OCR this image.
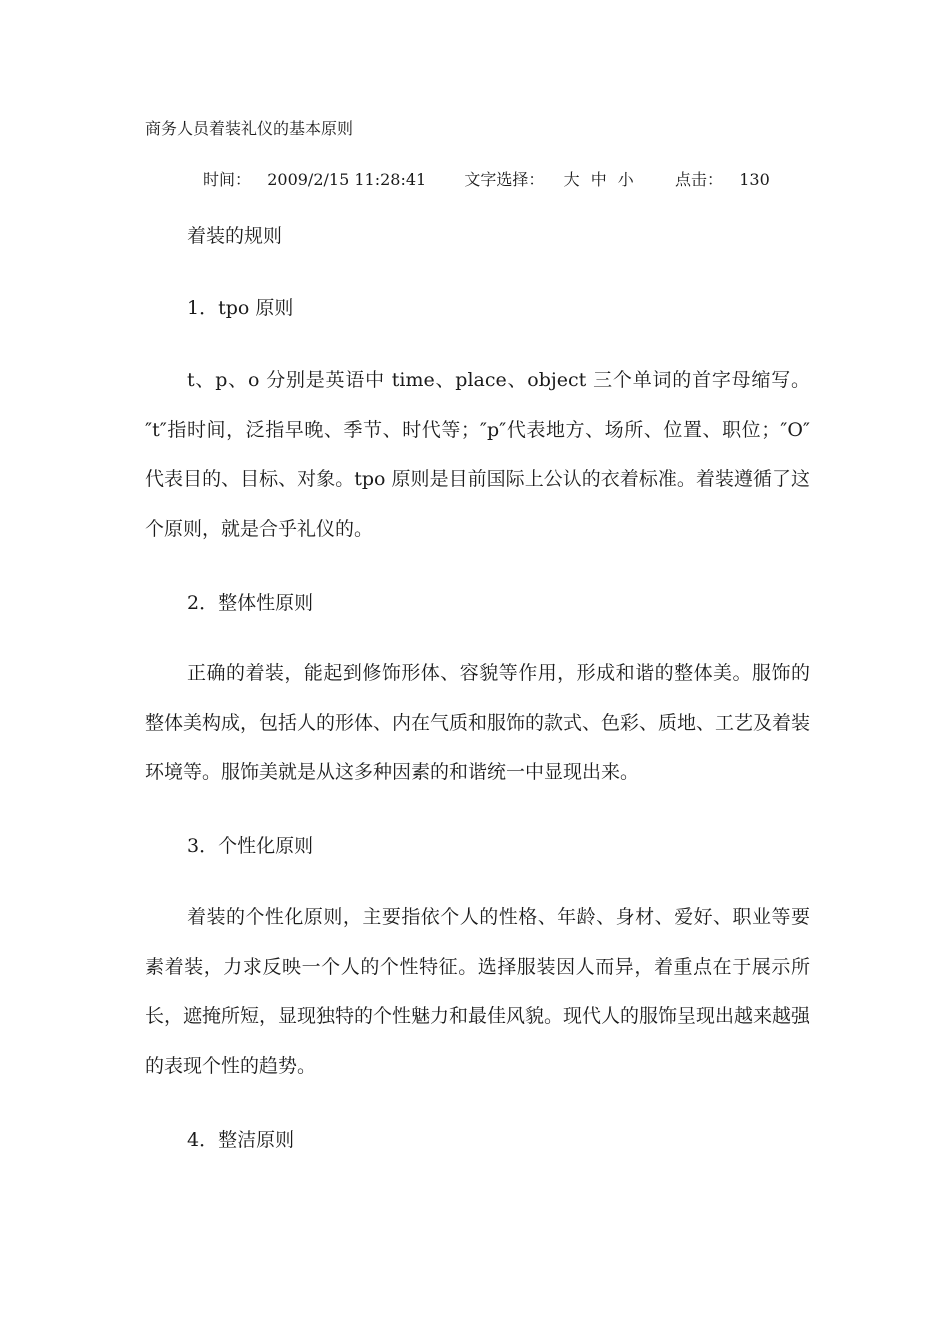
商务人员着装礼仪的基本原则
时间： 2009/2/15 11:28:41 文字选择： 大 中 小	点击： 130
着装的规则
1．tpo 原则

t、p、o 分别是英语中 time、place、object 三个单词的首字母缩写。″t″指时间，泛指早晚、季节、时代等；″p″代表地方、场所、位置、职位；″O″代表目的、目标、对象。tpo 原则是目前国际上公认的衣着标准。着装遵循了这个原则，就是合乎礼仪的。

2．整体性原则

正确的着装，能起到修饰形体、容貌等作用，形成和谐的整体美。服饰的整体美构成，包括人的形体、内在气质和服饰的款式、色彩、质地、工艺及着装环境等。服饰美就是从这多种因素的和谐统一中显现出来。

3．个性化原则

着装的个性化原则，主要指依个人的性格、年龄、身材、爱好、职业等要素着装，力求反映一个人的个性特征。选择服装因人而异，着重点在于展示所长，遮掩所短，显现独特的个性魅力和最佳风貌。现代人的服饰呈现出越来越强的表现个性的趋势。

4．整洁原则
